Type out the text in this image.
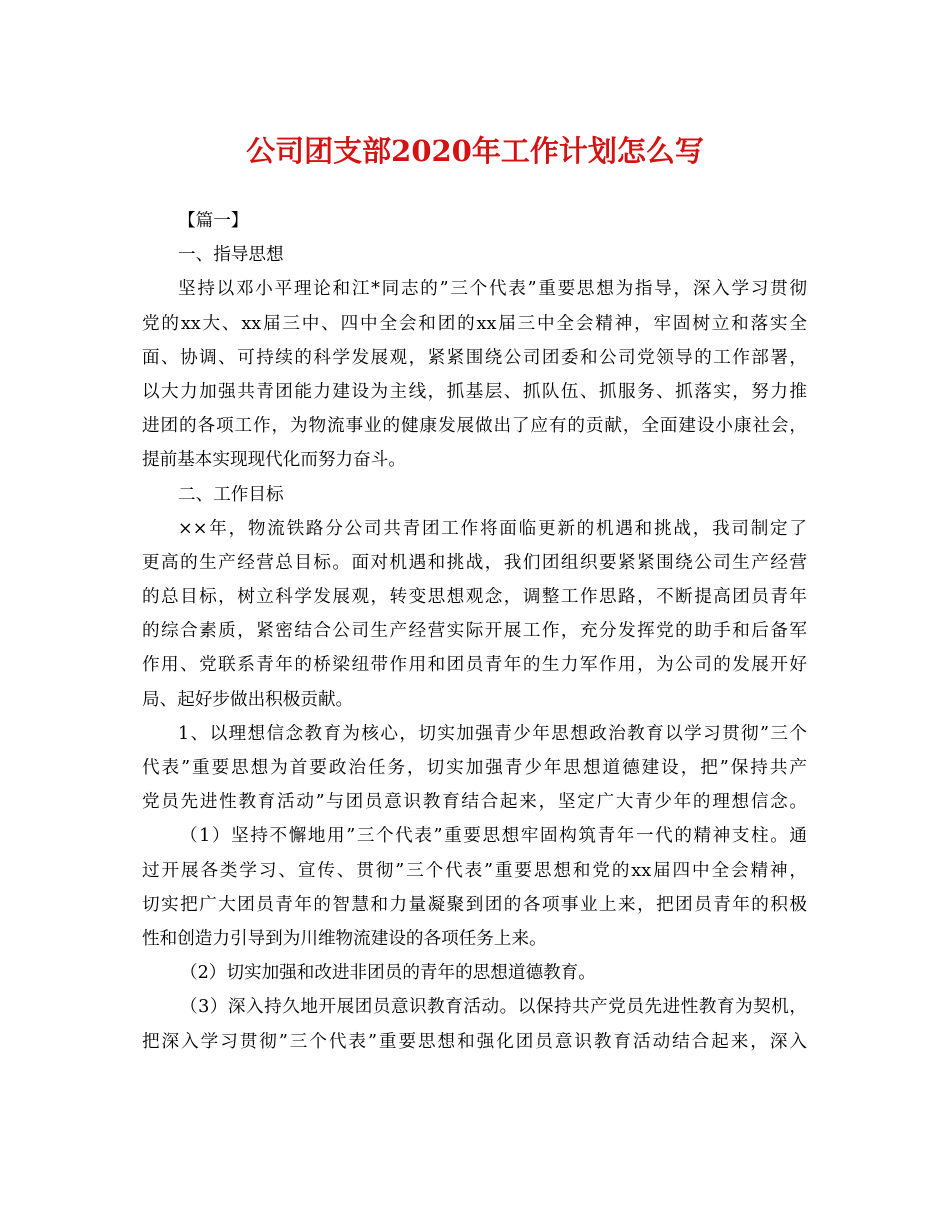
公司团支部2020年工作计划怎么写
【篇一】
一、指导思想
坚持以邓小平理论和江*同志的”三个代表”重要思想为指导，深入学习贯彻
党的xx大、xx届三中、四中全会和团的xx届三中全会精神，牢固树立和落实全
面、协调、可持续的科学发展观，紧紧围绕公司团委和公司党领导的工作部署，
以大力加强共青团能力建设为主线，抓基层、抓队伍、抓服务、抓落实，努力推
进团的各项工作，为物流事业的健康发展做出了应有的贡献，全面建设小康社会，
提前基本实现现代化而努力奋斗。
二、工作目标
××年，物流铁路分公司共青团工作将面临更新的机遇和挑战，我司制定了
更高的生产经营总目标。面对机遇和挑战，我们团组织要紧紧围绕公司生产经营
的总目标，树立科学发展观，转变思想观念，调整工作思路，不断提高团员青年
的综合素质，紧密结合公司生产经营实际开展工作，充分发挥党的助手和后备军
作用、党联系青年的桥梁纽带作用和团员青年的生力军作用，为公司的发展开好
局、起好步做出积极贡献。
1、以理想信念教育为核心，切实加强青少年思想政治教育以学习贯彻”三个
代表”重要思想为首要政治任务，切实加强青少年思想道德建设，把”保持共产
党员先进性教育活动”与团员意识教育结合起来，坚定广大青少年的理想信念。
（1）坚持不懈地用”三个代表”重要思想牢固构筑青年一代的精神支柱。通
过开展各类学习、宣传、贯彻”三个代表”重要思想和党的xx届四中全会精神，
切实把广大团员青年的智慧和力量凝聚到团的各项事业上来，把团员青年的积极
性和创造力引导到为川维物流建设的各项任务上来。
（2）切实加强和改进非团员的青年的思想道德教育。
（3）深入持久地开展团员意识教育活动。以保持共产党员先进性教育为契机，
把深入学习贯彻”三个代表”重要思想和强化团员意识教育活动结合起来，深入
